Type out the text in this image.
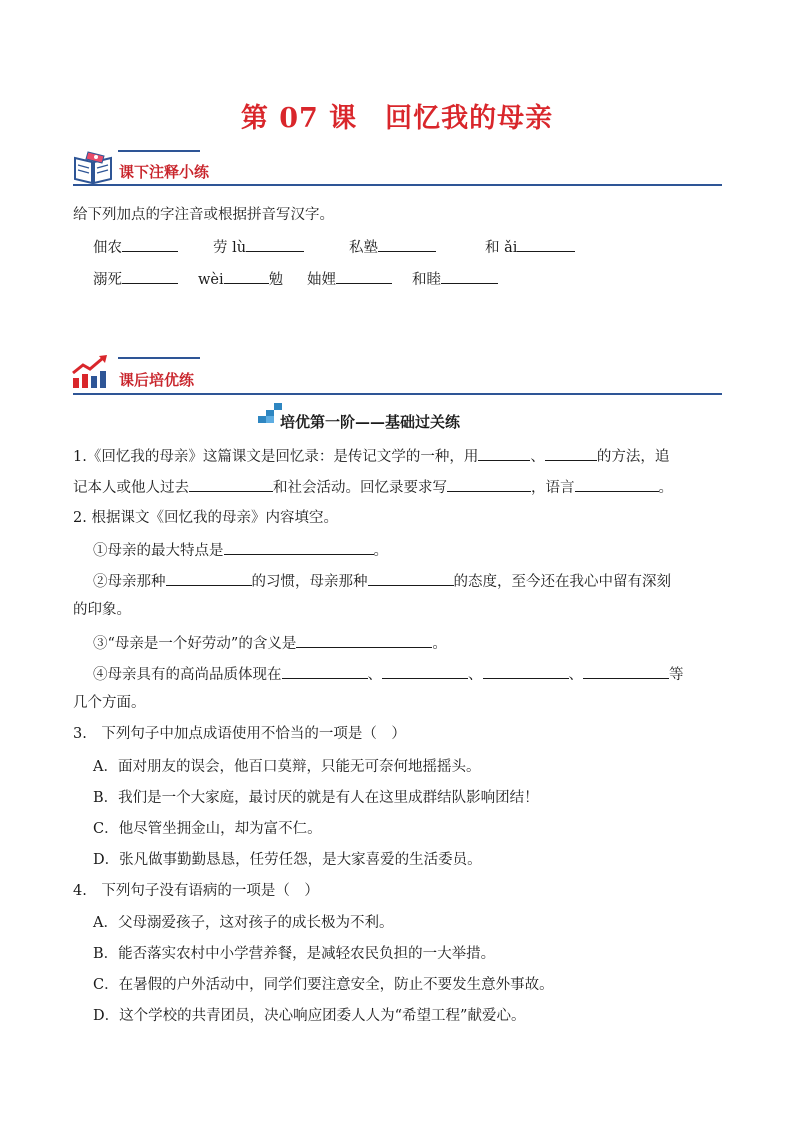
第 07 课　回忆我的母亲
课下注释小练
给下列加点的字注音或根据拼音写汉字。
佃农	劳 lù	私塾	和 ǎi
溺死	wèi	勉 妯娌	和睦
课后培优练
培优第一阶——基础过关练
1.《回忆我的母亲》这篇课文是回忆录：是传记文学的一种，用	、	的方法，追
记本人或他人过去	和社会活动。回忆录要求写	，语言	。
2. 根据课文《回忆我的母亲》内容填空。
①母亲的最大特点是	。
②母亲那种	的习惯，母亲那种	的态度，至今还在我心中留有深刻
的印象。
③“母亲是一个好劳动”的含义是	。
④母亲具有的高尚品质体现在	、	、	、	等
几个方面。
3.　下列句子中加点成语使用不恰当的一项是（　）
A．面对朋友的误会，他百口莫辩，只能无可奈何地摇摇头。
B．我们是一个大家庭，最讨厌的就是有人在这里成群结队影响团结！
C．他尽管坐拥金山，却为富不仁。
D．张凡做事勤勤恳恳，任劳任怨，是大家喜爱的生活委员。
4.　下列句子没有语病的一项是（　）
A．父母溺爱孩子，这对孩子的成长极为不利。
B．能否落实农村中小学营养餐，是减轻农民负担的一大举措。
C．在暑假的户外活动中，同学们要注意安全，防止不要发生意外事故。
D．这个学校的共青团员，决心响应团委人人为“希望工程”献爱心。
